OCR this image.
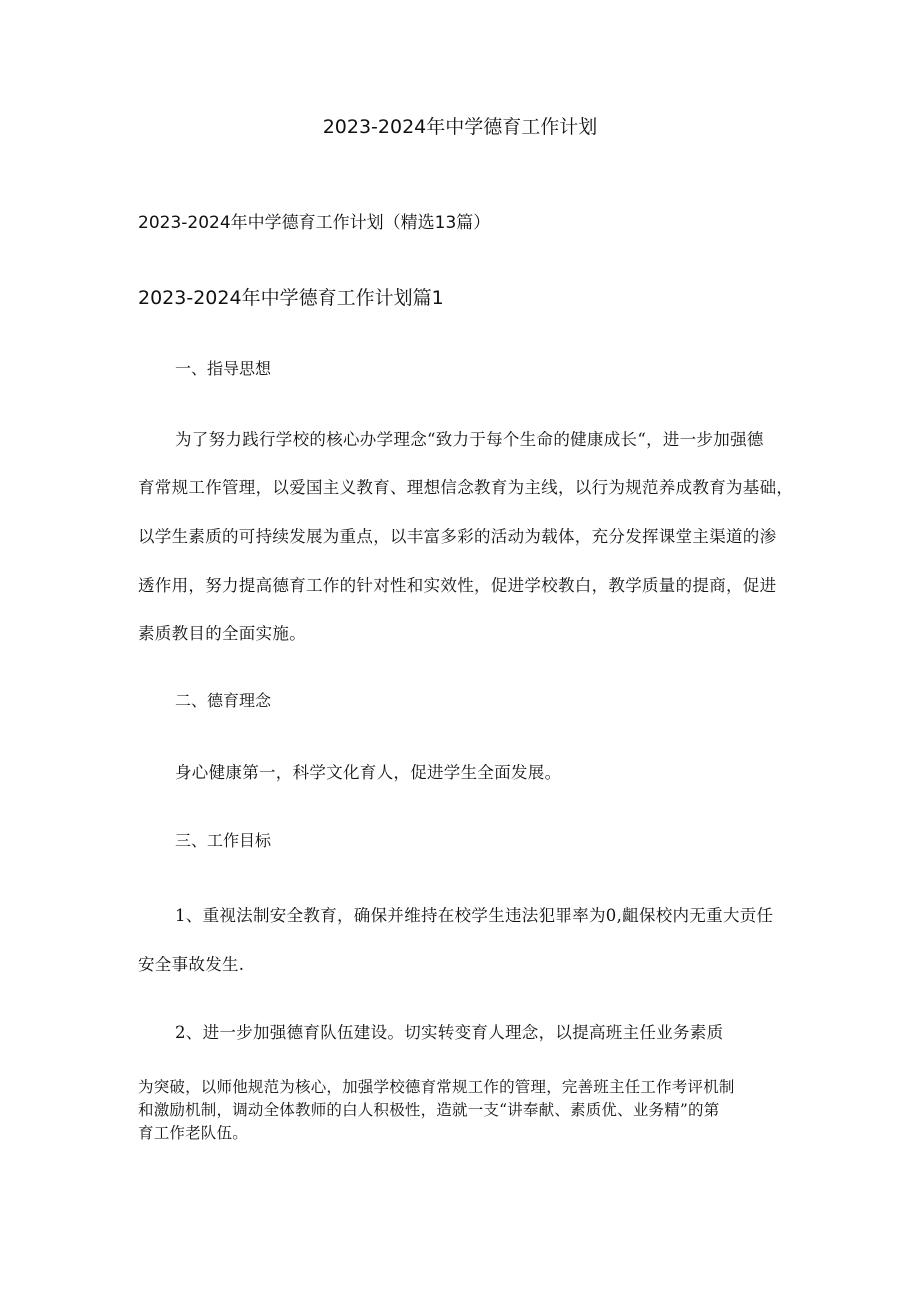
2023-2024年中学德育工作计划
2023-2024年中学德育工作计划（精选13篇）
2023-2024年中学德育工作计划篇1
一、指导思想
为了努力践行学校的核心办学理念“致力于每个生命的健康成长“，进一步加强德
育常规工作管理，以爱国主义教育、理想信念教育为主线，以行为规范养成教育为基础，
以学生素质的可持续发展为重点，以丰富多彩的活动为载体，充分发挥课堂主渠道的渗
透作用，努力提高德育工作的针对性和实效性，促进学校教白，教学质量的提商，促进
素质教目的全面实施。
二、德育理念
身心健康第一，科学文化育人，促进学生全面发展。
三、工作目标
1、重视法制安全教育，确保并维持在校学生违法犯罪率为0,齟保校内无重大贡任
安全事故发生.
2、进一步加强德育队伍建设。切实转变育人理念，以提高班主任业务素质
为突破，以师他规范为核心，加强学校德育常规工作的管理，完善班主任工作考评机制
和激励机制，调动全体教师的白人积极性，造就一支“讲奉献、素质优、业务精”的第
育工作老队伍。
